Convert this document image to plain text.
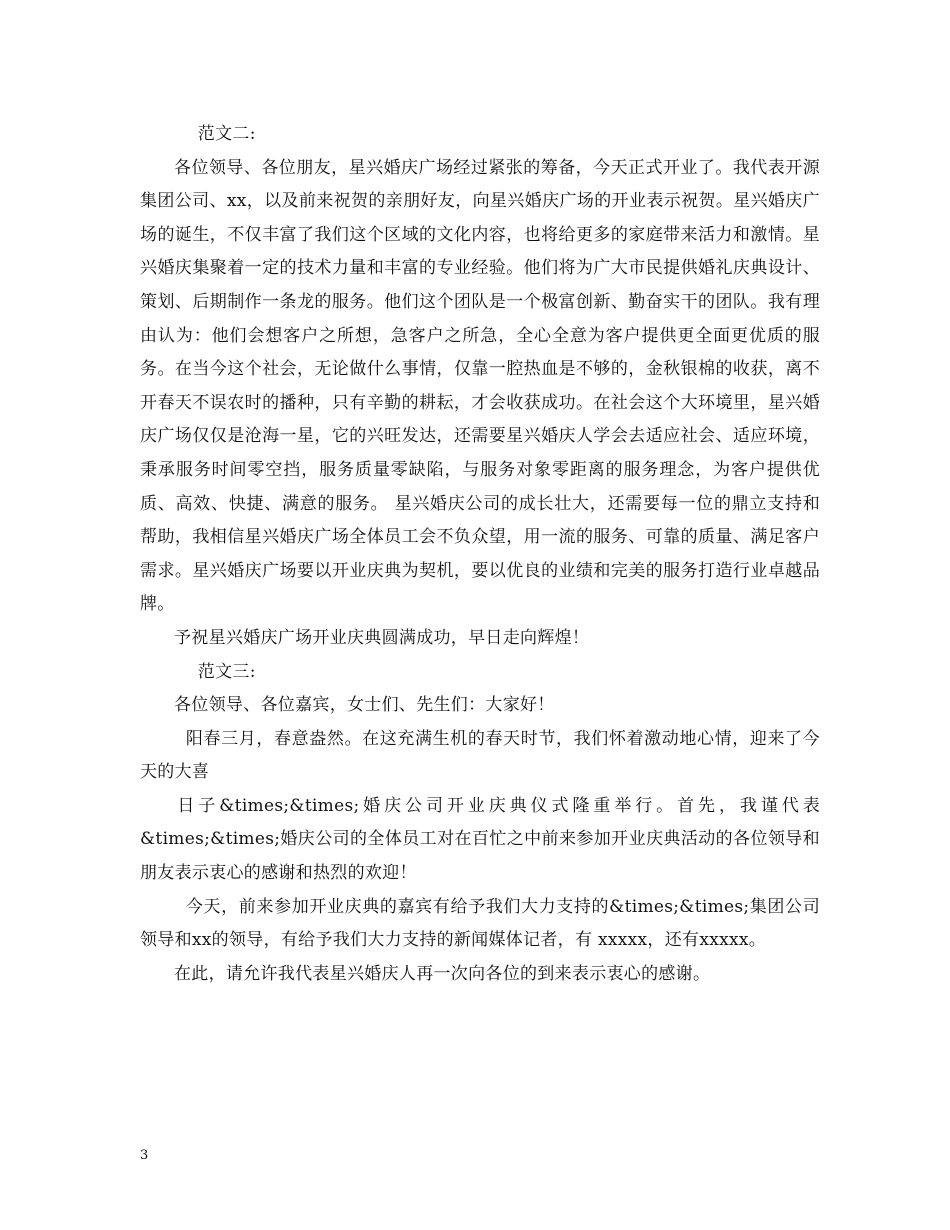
范文二:

各位领导、各位朋友，星兴婚庆广场经过紧张的筹备，今天正式开业了。我代表开源集团公司、xx，以及前来祝贺的亲朋好友，向星兴婚庆广场的开业表示祝贺。星兴婚庆广场的诞生，不仅丰富了我们这个区域的文化内容，也将给更多的家庭带来活力和激情。星兴婚庆集聚着一定的技术力量和丰富的专业经验。他们将为广大市民提供婚礼庆典设计、策划、后期制作一条龙的服务。他们这个团队是一个极富创新、勤奋实干的团队。我有理由认为：他们会想客户之所想，急客户之所急，全心全意为客户提供更全面更优质的服务。在当今这个社会，无论做什么事情，仅靠一腔热血是不够的，金秋银棉的收获，离不开春天不误农时的播种，只有辛勤的耕耘，才会收获成功。在社会这个大环境里，星兴婚庆广场仅仅是沧海一星，它的兴旺发达，还需要星兴婚庆人学会去适应社会、适应环境，秉承服务时间零空挡，服务质量零缺陷，与服务对象零距离的服务理念，为客户提供优质、高效、快捷、满意的服务。 星兴婚庆公司的成长壮大，还需要每一位的鼎立支持和帮助，我相信星兴婚庆广场全体员工会不负众望，用一流的服务、可靠的质量、满足客户需求。星兴婚庆广场要以开业庆典为契机，要以优良的业绩和完美的服务打造行业卓越品牌。

予祝星兴婚庆广场开业庆典圆满成功，早日走向辉煌！

范文三:

各位领导、各位嘉宾，女士们、先生们：大家好！

阳春三月，春意盎然。在这充满生机的春天时节，我们怀着激动地心情，迎来了今天的大喜

日子&times;&times;婚庆公司开业庆典仪式隆重举行。首先，我谨代表&times;&times;婚庆公司的全体员工对在百忙之中前来参加开业庆典活动的各位领导和朋友表示衷心的感谢和热烈的欢迎！

今天，前来参加开业庆典的嘉宾有给予我们大力支持的&times;&times;集团公司领导和xx的领导，有给予我们大力支持的新闻媒体记者，有 xxxxx，还有xxxxx。

在此，请允许我代表星兴婚庆人再一次向各位的到来表示衷心的感谢。

3
